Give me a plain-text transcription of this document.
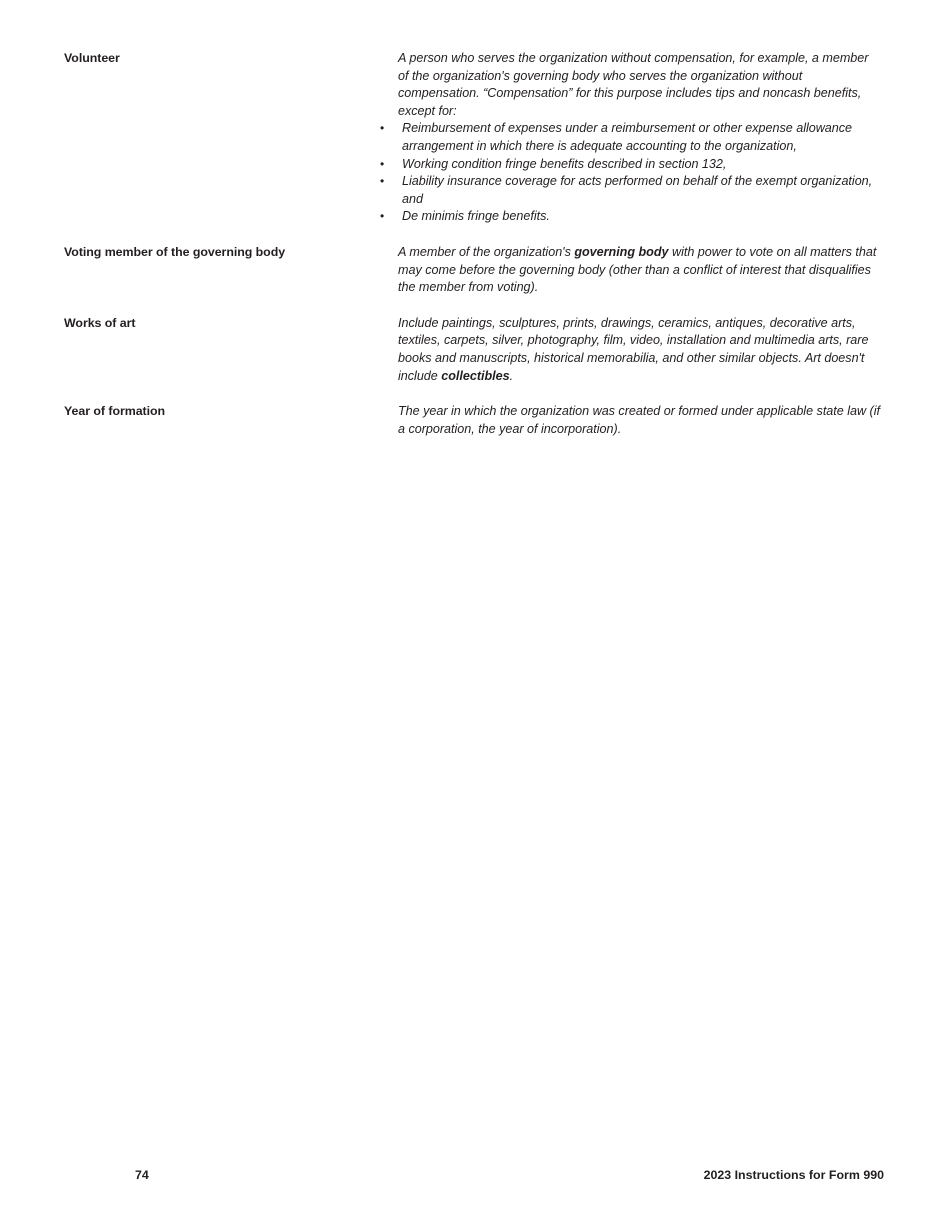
Volunteer	A person who serves the organization without compensation, for example, a member of the organization's governing body who serves the organization without compensation. “Compensation” for this purpose includes tips and noncash benefits, except for:
• Reimbursement of expenses under a reimbursement or other expense allowance arrangement in which there is adequate accounting to the organization,
• Working condition fringe benefits described in section 132,
• Liability insurance coverage for acts performed on behalf of the exempt organization, and
• De minimis fringe benefits.
Voting member of the governing body	A member of the organization's governing body with power to vote on all matters that may come before the governing body (other than a conflict of interest that disqualifies the member from voting).
Works of art	Include paintings, sculptures, prints, drawings, ceramics, antiques, decorative arts, textiles, carpets, silver, photography, film, video, installation and multimedia arts, rare books and manuscripts, historical memorabilia, and other similar objects. Art doesn't include collectibles.
Year of formation	The year in which the organization was created or formed under applicable state law (if a corporation, the year of incorporation).
74	2023 Instructions for Form 990
